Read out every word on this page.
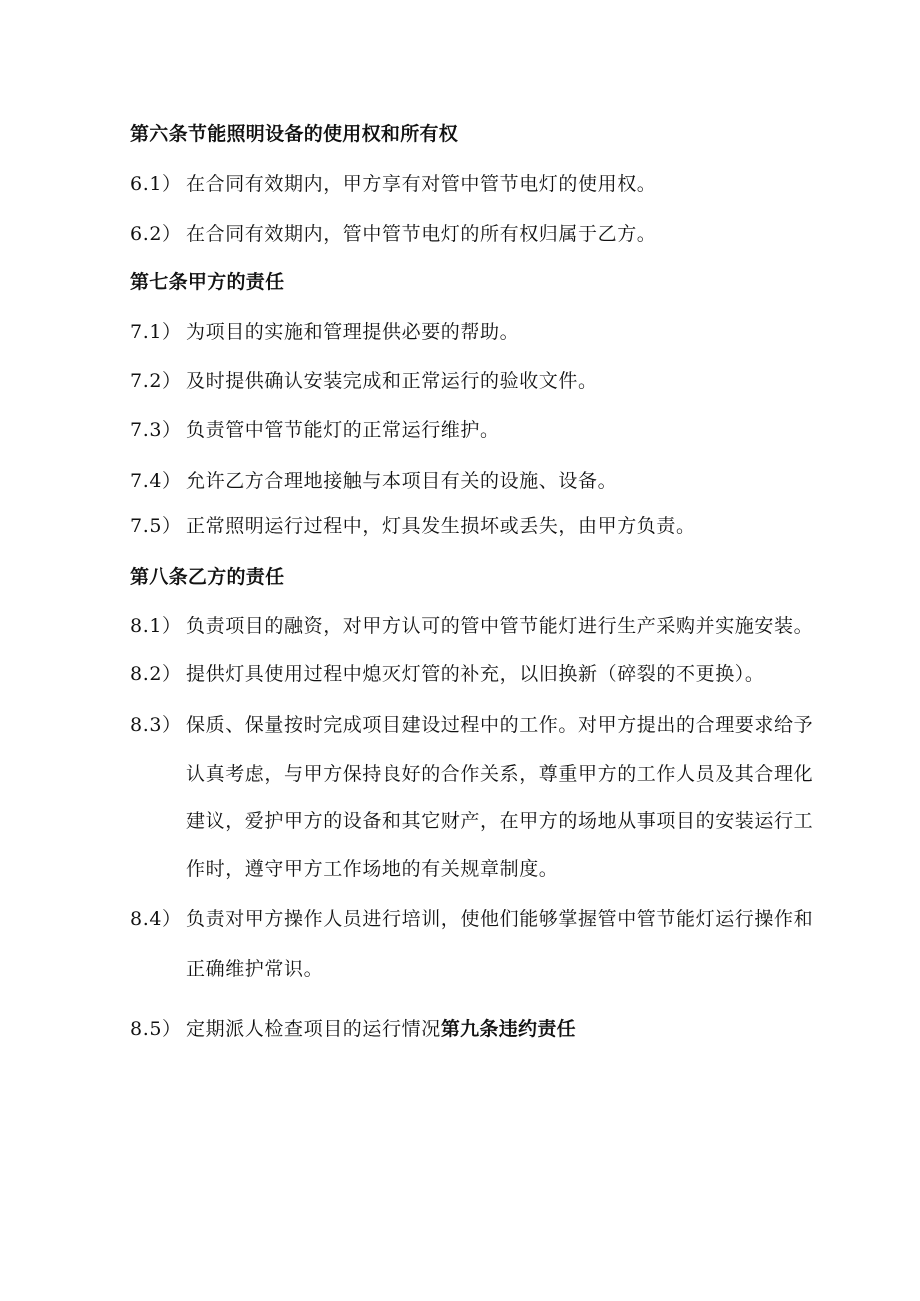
第六条节能照明设备的使用权和所有权
6.1） 在合同有效期内，甲方享有对管中管节电灯的使用权。
6.2） 在合同有效期内，管中管节电灯的所有权归属于乙方。
第七条甲方的责任
7.1） 为项目的实施和管理提供必要的帮助。
7.2） 及时提供确认安装完成和正常运行的验收文件。
7.3） 负责管中管节能灯的正常运行维护。
7.4） 允许乙方合理地接触与本项目有关的设施、设备。
7.5） 正常照明运行过程中，灯具发生损坏或丢失，由甲方负责。
第八条乙方的责任
8.1） 负责项目的融资，对甲方认可的管中管节能灯进行生产采购并实施安装。
8.2） 提供灯具使用过程中熄灭灯管的补充，以旧换新（碎裂的不更换）。
8.3） 保质、保量按时完成项目建设过程中的工作。对甲方提出的合理要求给予
认真考虑，与甲方保持良好的合作关系，尊重甲方的工作人员及其合理化
建议，爱护甲方的设备和其它财产，在甲方的场地从事项目的安装运行工
作时，遵守甲方工作场地的有关规章制度。
8.4） 负责对甲方操作人员进行培训，使他们能够掌握管中管节能灯运行操作和
正确维护常识。
8.5） 定期派人检查项目的运行情况第九条违约责任
